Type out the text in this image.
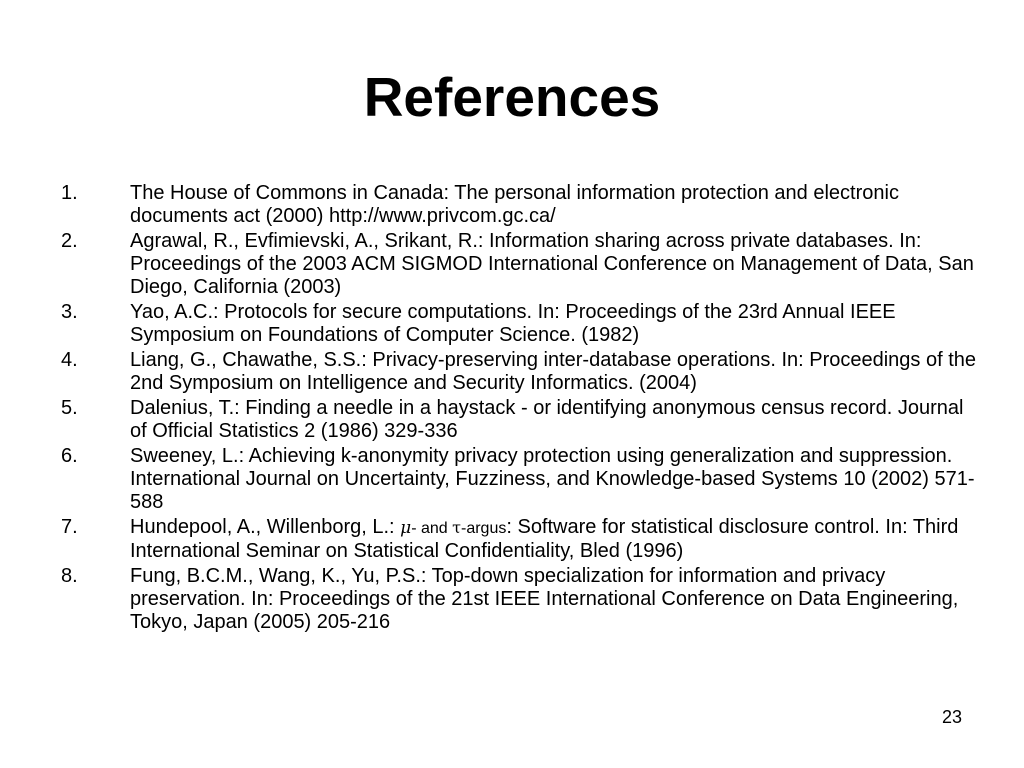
References
1.	The House of Commons in Canada: The personal information protection and electronic documents act (2000) http://www.privcom.gc.ca/
2.	Agrawal, R., Evfimievski, A., Srikant, R.: Information sharing across private databases. In: Proceedings of the 2003 ACM SIGMOD International Conference on Management of Data, San Diego, California (2003)
3.	Yao, A.C.: Protocols for secure computations. In: Proceedings of the 23rd Annual IEEE Symposium on Foundations of Computer Science. (1982)
4.	Liang, G., Chawathe, S.S.: Privacy-preserving inter-database operations. In: Proceedings of the 2nd Symposium on Intelligence and Security Informatics. (2004)
5.	Dalenius, T.: Finding a needle in a haystack - or identifying anonymous census record. Journal of Official Statistics 2 (1986) 329-336
6.	Sweeney, L.: Achieving k-anonymity privacy protection using generalization and suppression. International Journal on Uncertainty, Fuzziness, and Knowledge-based Systems 10 (2002) 571-588
7.	Hundepool, A., Willenborg, L.: μ- and τ-argus: Software for statistical disclosure control. In: Third International Seminar on Statistical Confidentiality, Bled (1996)
8.	Fung, B.C.M., Wang, K., Yu, P.S.: Top-down specialization for information and privacy preservation. In: Proceedings of the 21st IEEE International Conference on Data Engineering, Tokyo, Japan (2005) 205-216
23
